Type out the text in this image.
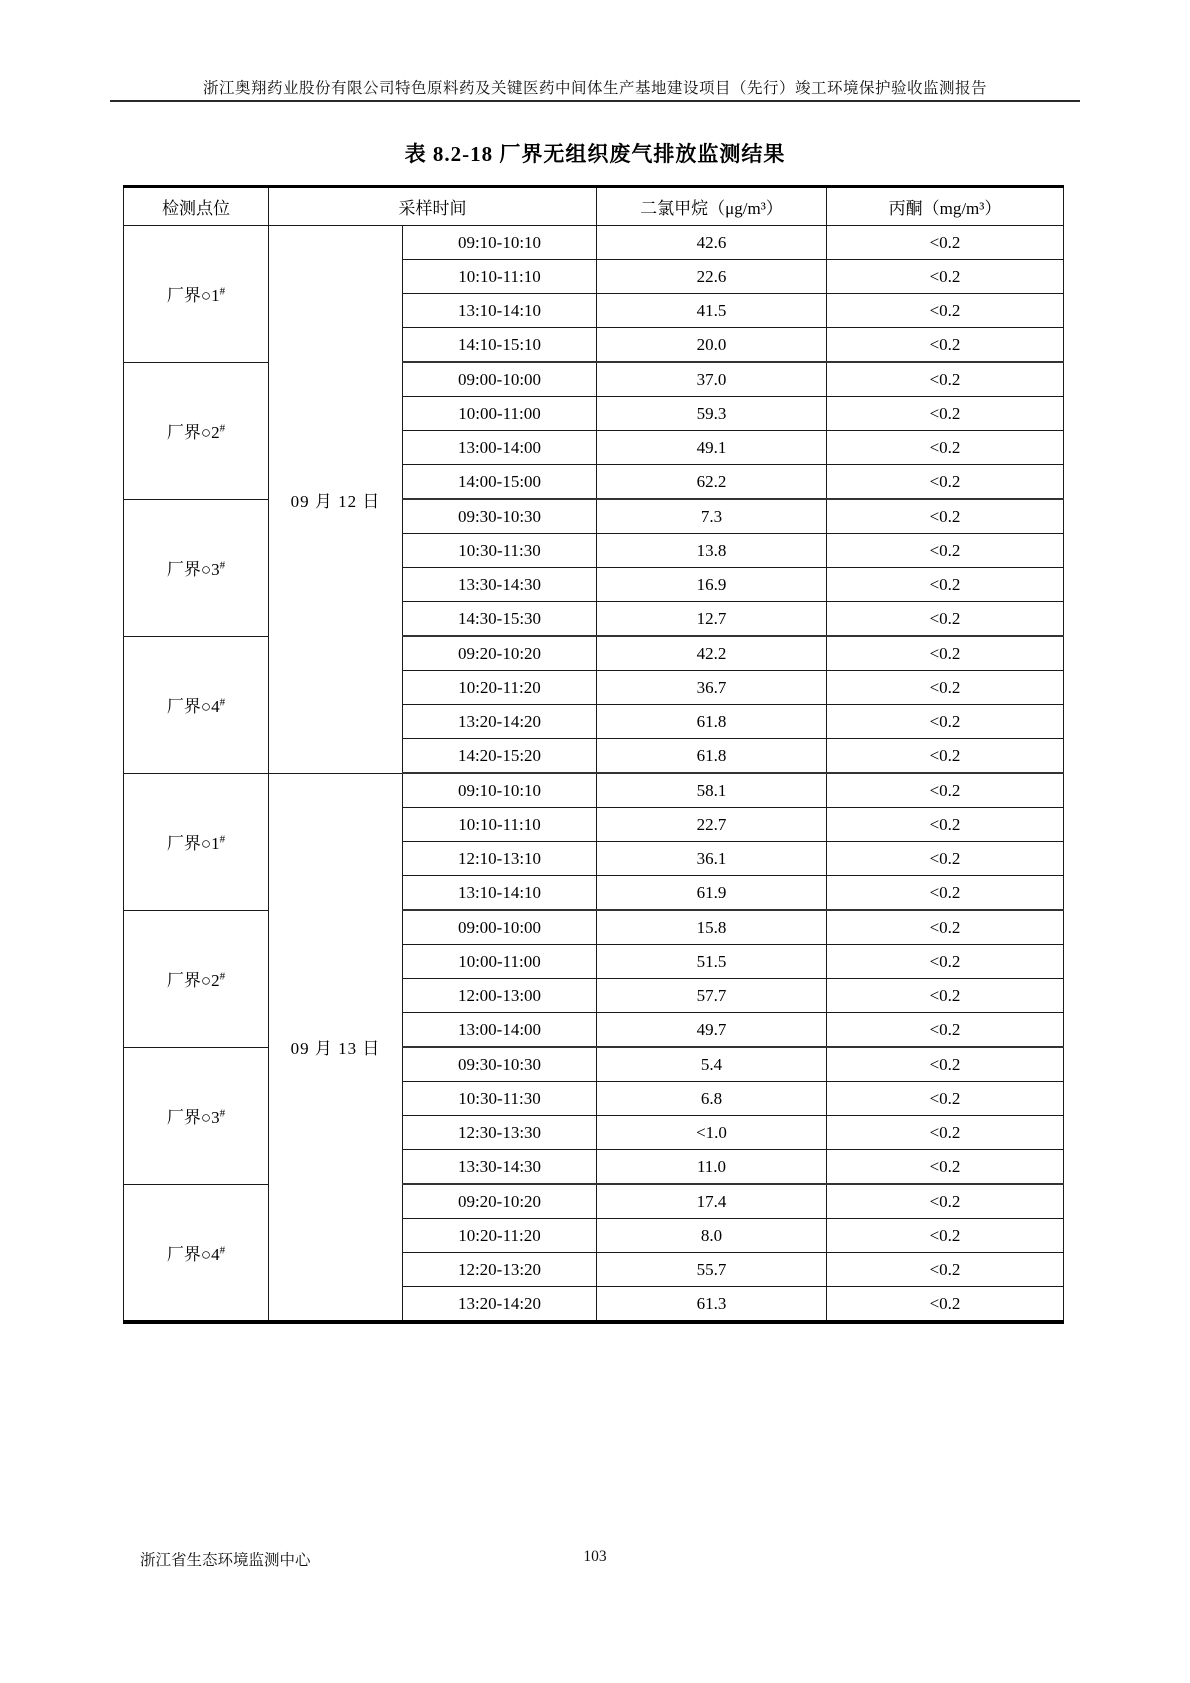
浙江奥翔药业股份有限公司特色原料药及关键医药中间体生产基地建设项目（先行）竣工环境保护验收监测报告
表 8.2-18 厂界无组织废气排放监测结果
检测点位	采样时间		二氯甲烷（μg/m³）	丙酮（mg/m³）
厂界○1#	09 月 12 日	09:10-10:10	42.6	<0.2
		10:10-11:10	22.6	<0.2
		13:10-14:10	41.5	<0.2
		14:10-15:10	20.0	<0.2
厂界○2#		09:00-10:00	37.0	<0.2
		10:00-11:00	59.3	<0.2
		13:00-14:00	49.1	<0.2
		14:00-15:00	62.2	<0.2
厂界○3#		09:30-10:30	7.3	<0.2
		10:30-11:30	13.8	<0.2
		13:30-14:30	16.9	<0.2
		14:30-15:30	12.7	<0.2
厂界○4#		09:20-10:20	42.2	<0.2
		10:20-11:20	36.7	<0.2
		13:20-14:20	61.8	<0.2
		14:20-15:20	61.8	<0.2
厂界○1#	09 月 13 日	09:10-10:10	58.1	<0.2
		10:10-11:10	22.7	<0.2
		12:10-13:10	36.1	<0.2
		13:10-14:10	61.9	<0.2
厂界○2#		09:00-10:00	15.8	<0.2
		10:00-11:00	51.5	<0.2
		12:00-13:00	57.7	<0.2
		13:00-14:00	49.7	<0.2
厂界○3#		09:30-10:30	5.4	<0.2
		10:30-11:30	6.8	<0.2
		12:30-13:30	<1.0	<0.2
		13:30-14:30	11.0	<0.2
厂界○4#		09:20-10:20	17.4	<0.2
		10:20-11:20	8.0	<0.2
		12:20-13:20	55.7	<0.2
		13:20-14:20	61.3	<0.2
浙江省生态环境监测中心	103
